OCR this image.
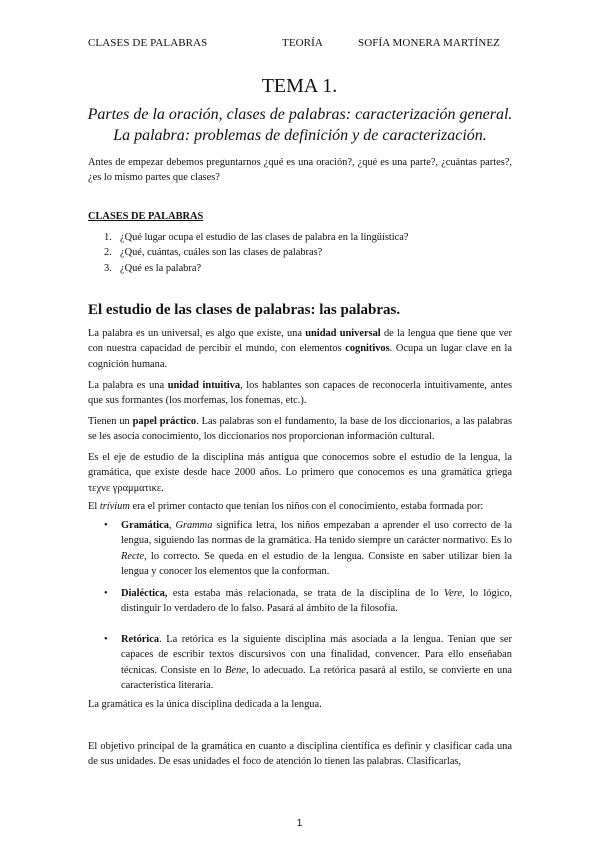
CLASES DE PALABRAS	TEORÍA	SOFÍA MONERA MARTÍNEZ
TEMA 1.
Partes de la oración, clases de palabras: caracterización general.
La palabra: problemas de definición y de caracterización.
Antes de empezar debemos preguntarnos ¿qué es una oración?, ¿qué es una parte?, ¿cuántas partes?, ¿es lo mismo partes que clases?
CLASES DE PALABRAS
1. ¿Qué lugar ocupa el estudio de las clases de palabra en la lingüística?
2. ¿Qué, cuántas, cuáles son las clases de palabras?
3. ¿Qué es la palabra?
El estudio de las clases de palabras: las palabras.
La palabra es un universal, es algo que existe, una unidad universal de la lengua que tiene que ver con nuestra capacidad de percibir el mundo, con elementos cognitivos. Ocupa un lugar clave en la cognición humana.
La palabra es una unidad intuitiva, los hablantes son capaces de reconocerla intuitivamente, antes que sus formantes (los morfemas, los fonemas, etc.).
Tienen un papel práctico. Las palabras son el fundamento, la base de los diccionarios, a las palabras se les asocia conocimiento, los diccionarios nos proporcionan información cultural.
Es el eje de estudio de la disciplina más antigua que conocemos sobre el estudio de la lengua, la gramática, que existe desde hace 2000 años. Lo primero que conocemos es una gramática griega τεχνε γραμματικε.
El trívium era el primer contacto que tenían los niños con el conocimiento, estaba formada por:
• Gramática, Gramma significa letra, los niños empezaban a aprender el uso correcto de la lengua, siguiendo las normas de la gramática. Ha tenido siempre un carácter normativo. Es lo Recte, lo correcto. Se queda en el estudio de la lengua. Consiste en saber utilizar bien la lengua y conocer los elementos que la conforman.
• Dialéctica, esta estaba más relacionada, se trata de la disciplina de lo Vere, lo lógico, distinguir lo verdadero de lo falso. Pasará al ámbito de la filosofía.
• Retórica. La retórica es la siguiente disciplina más asociada a la lengua. Tenían que ser capaces de escribir textos discursivos con una finalidad, convencer. Para ello enseñaban técnicas. Consiste en lo Bene, lo adecuado. La retórica pasará al estilo, se convierte en una característica literaria.
La gramática es la única disciplina dedicada a la lengua.
El objetivo principal de la gramática en cuanto a disciplina científica es definir y clasificar cada una de sus unidades. De esas unidades el foco de atención lo tienen las palabras. Clasificarlas,
1
